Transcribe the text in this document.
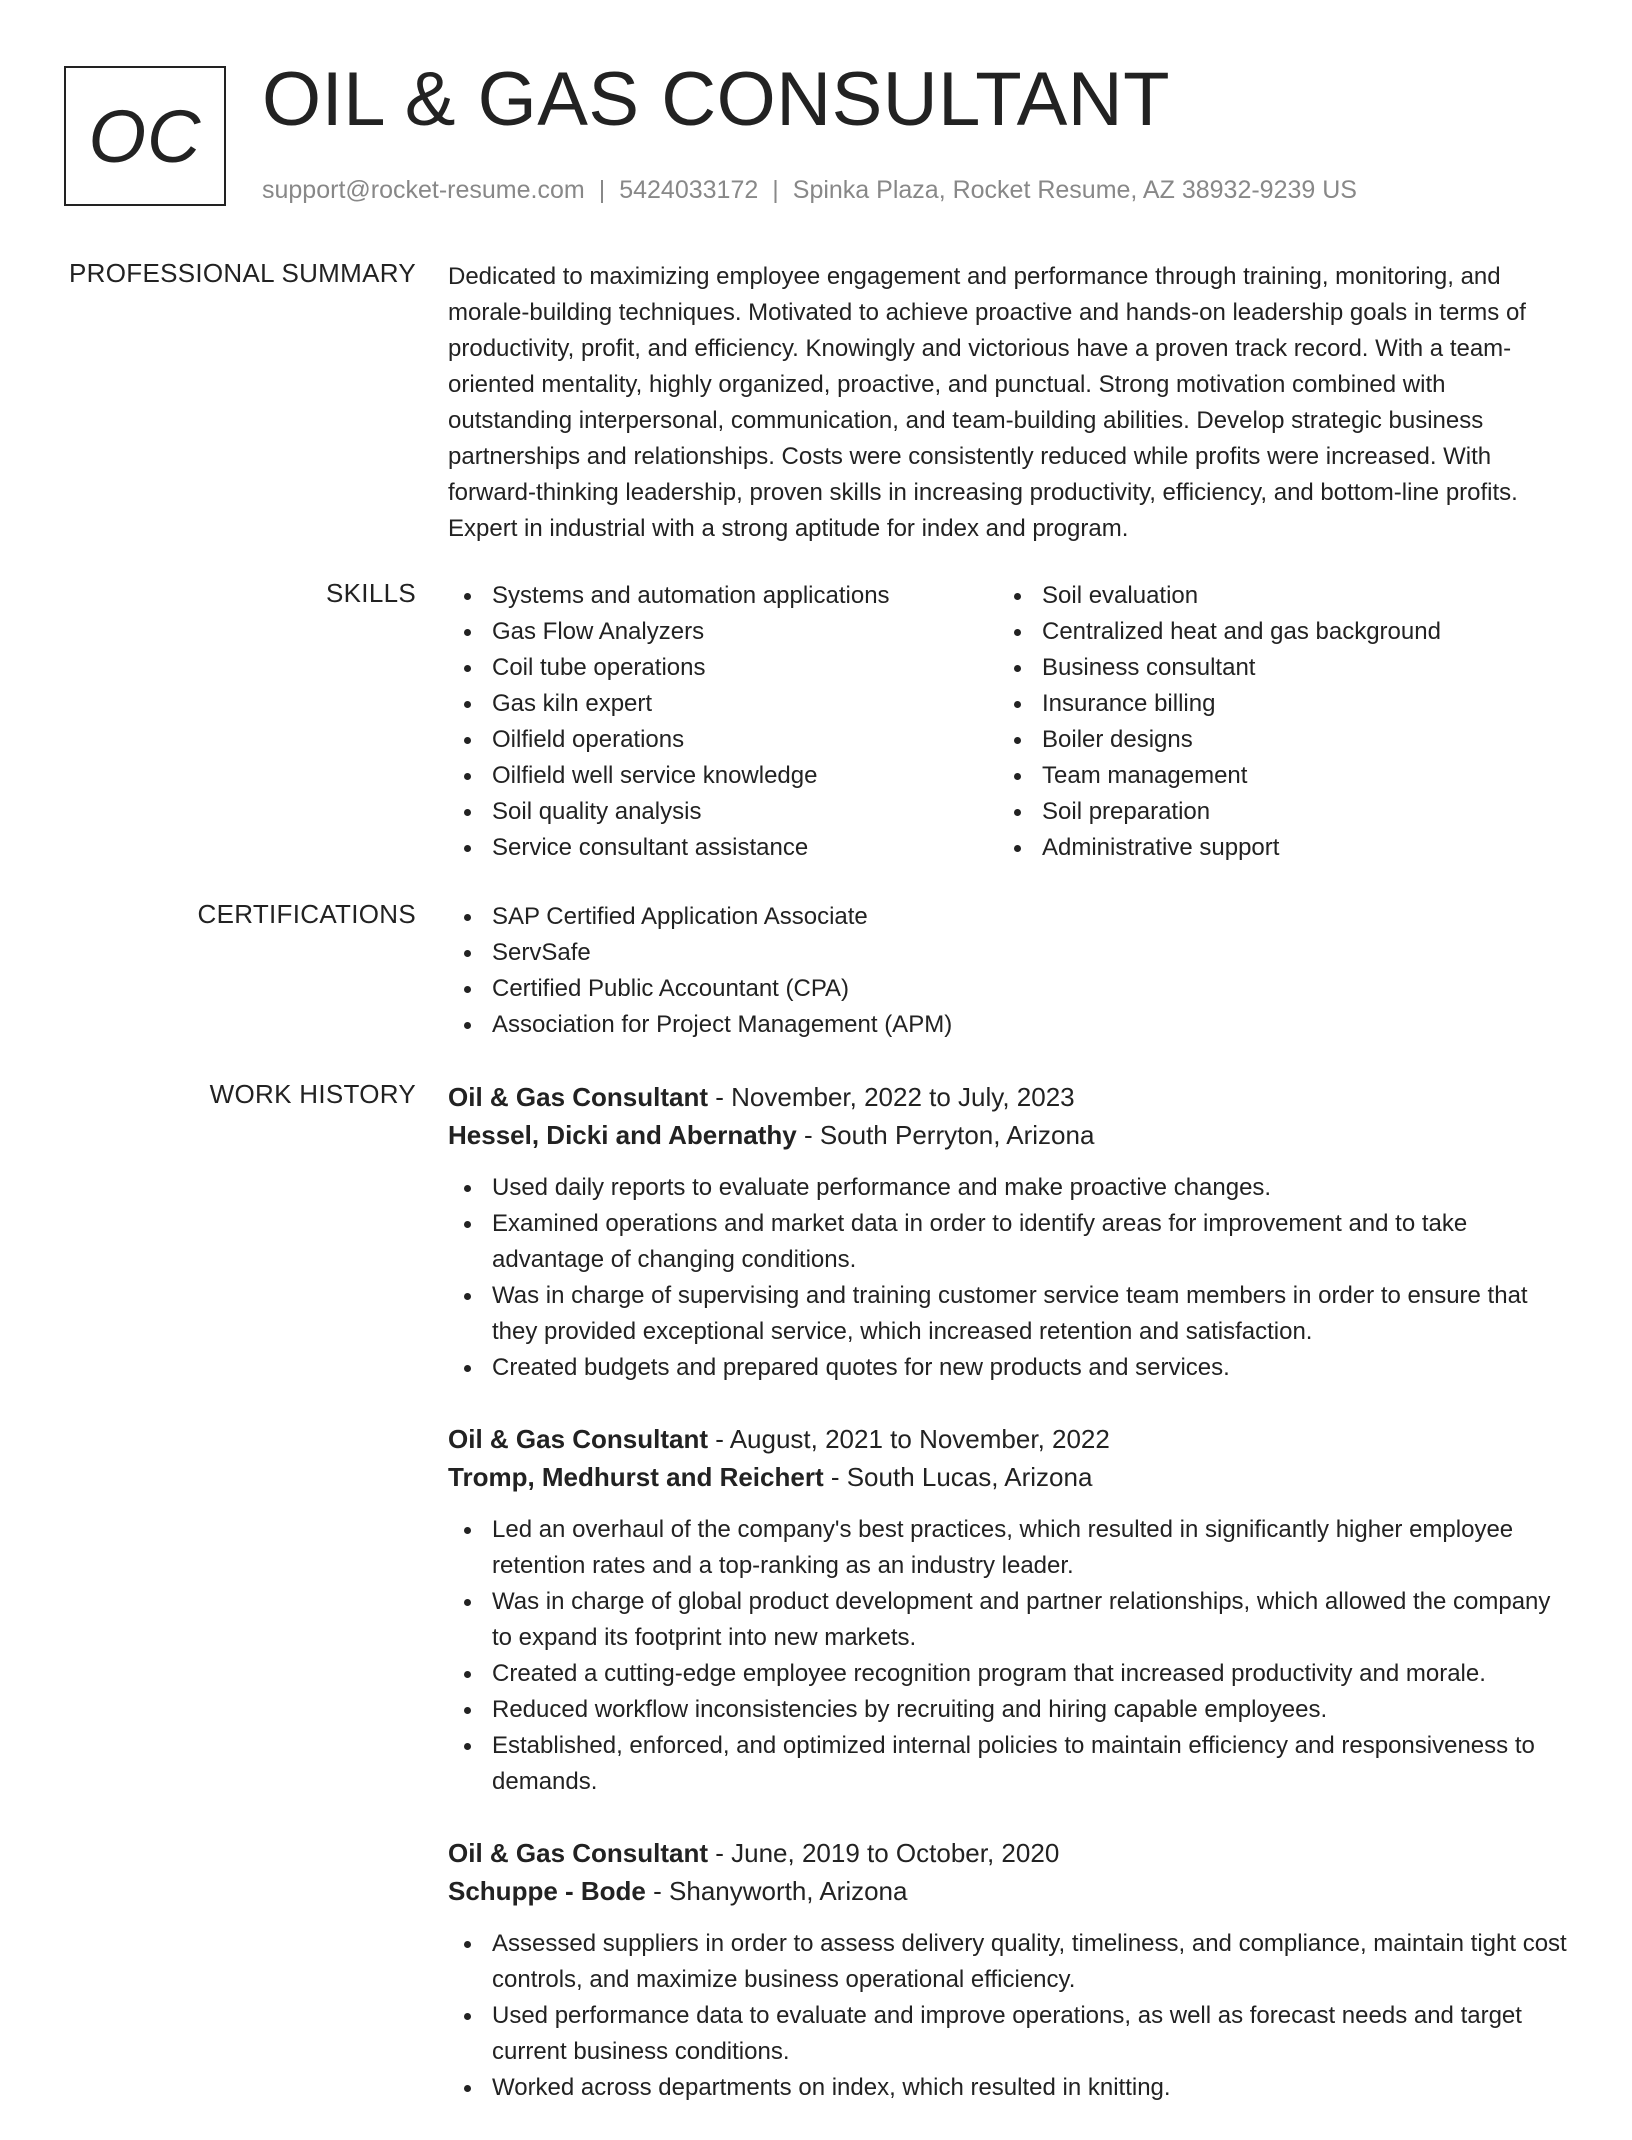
OC OIL & GAS CONSULTANT
support@rocket-resume.com | 5424033172 | Spinka Plaza, Rocket Resume, AZ 38932-9239 US
PROFESSIONAL SUMMARY Dedicated to maximizing employee engagement and performance through training, monitoring, and morale-building techniques. Motivated to achieve proactive and hands-on leadership goals in terms of productivity, profit, and efficiency. Knowingly and victorious have a proven track record. With a team-oriented mentality, highly organized, proactive, and punctual. Strong motivation combined with outstanding interpersonal, communication, and team-building abilities. Develop strategic business partnerships and relationships. Costs were consistently reduced while profits were increased. With forward-thinking leadership, proven skills in increasing productivity, efficiency, and bottom-line profits. Expert in industrial with a strong aptitude for index and program.

SKILLS	Systems and automation applications
Gas Flow Analyzers
Coil tube operations
Gas kiln expert
Oilfield operations
Oilfield well service knowledge
Soil quality analysis
Service consultant assistance
Soil evaluation
Centralized heat and gas background
Business consultant
Insurance billing
Boiler designs
Team management
Soil preparation
Administrative support
CERTIFICATIONS	SAP Certified Application Associate
ServSafe
Certified Public Accountant (CPA)
Association for Project Management (APM)
WORK HISTORY Oil & Gas Consultant - November, 2022 to July, 2023
Hessel, Dicki and Abernathy - South Perryton, Arizona
Used daily reports to evaluate performance and make proactive changes.
Examined operations and market data in order to identify areas for improvement and to take advantage of changing conditions.
Was in charge of supervising and training customer service team members in order to ensure that they provided exceptional service, which increased retention and satisfaction.
Created budgets and prepared quotes for new products and services.
Oil & Gas Consultant - August, 2021 to November, 2022
Tromp, Medhurst and Reichert - South Lucas, Arizona
Led an overhaul of the company's best practices, which resulted in significantly higher employee retention rates and a top-ranking as an industry leader.
Was in charge of global product development and partner relationships, which allowed the company to expand its footprint into new markets.
Created a cutting-edge employee recognition program that increased productivity and morale.
Reduced workflow inconsistencies by recruiting and hiring capable employees.
Established, enforced, and optimized internal policies to maintain efficiency and responsiveness to demands.
Oil & Gas Consultant - June, 2019 to October, 2020
Schuppe - Bode - Shanyworth, Arizona
Assessed suppliers in order to assess delivery quality, timeliness, and compliance, maintain tight cost controls, and maximize business operational efficiency.
Used performance data to evaluate and improve operations, as well as forecast needs and target current business conditions.
Worked across departments on index, which resulted in knitting.
